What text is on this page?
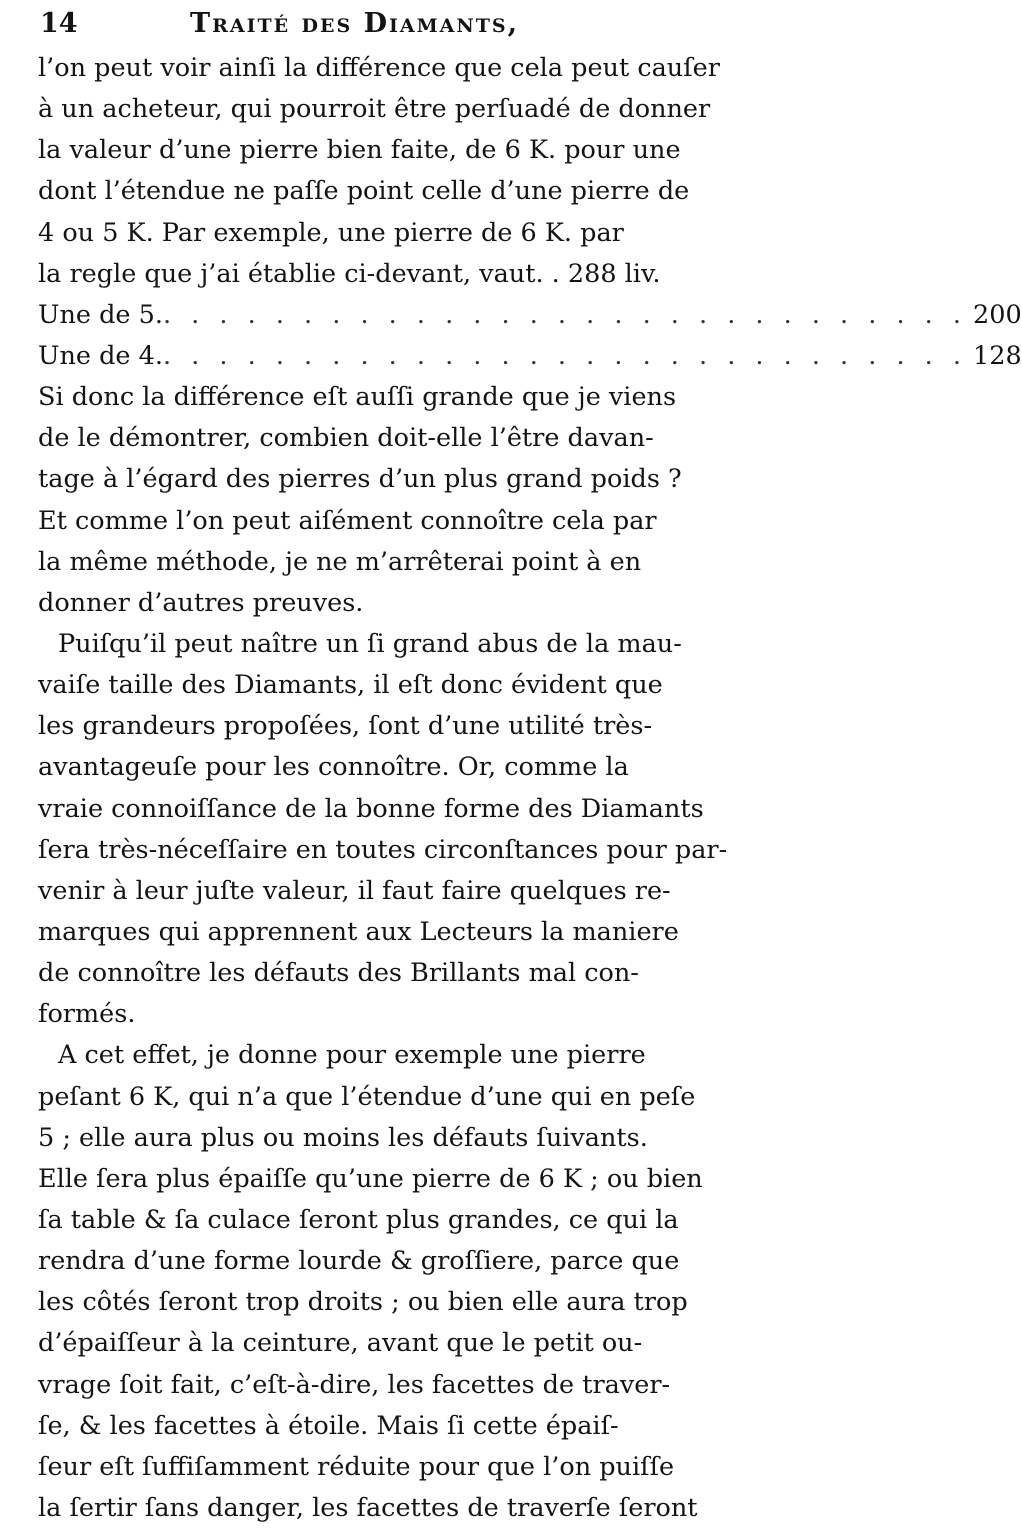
14	Traité des Diamants,
l’on peut voir ainſi la différence que cela peut cauſer
à un acheteur, qui pourroit être perſuadé de donner
la valeur d’une pierre bien faite, de 6 K. pour une
dont l’étendue ne paſſe point celle d’une pierre de
4 ou 5 K. Par exemple, une pierre de 6 K. par
la regle que j’ai établie ci-devant, vaut. . 288 liv.
Une de 5. . . . . . . . . . . . . . . . . . . . . . . . . . . . . . 200
Une de 4. . . . . . . . . . . . . . . . . . . . . . . . . . . . . . 128
Si donc la différence eſt auſſi grande que je viens
de le démontrer, combien doit-elle l’être davan-
tage à l’égard des pierres d’un plus grand poids ?
Et comme l’on peut aiſément connoître cela par
la même méthode, je ne m’arrêterai point à en
donner d’autres preuves.
Puiſqu’il peut naître un ſi grand abus de la mau-
vaiſe taille des Diamants, il eſt donc évident que
les grandeurs propoſées, ſont d’une utilité très-
avantageuſe pour les connoître. Or, comme la
vraie connoiſſance de la bonne forme des Diamants
ſera très-néceſſaire en toutes circonſtances pour par-
venir à leur juſte valeur, il faut faire quelques re-
marques qui apprennent aux Lecteurs la maniere
de connoître les défauts des Brillants mal con-
formés.
A cet effet, je donne pour exemple une pierre
peſant 6 K, qui n’a que l’étendue d’une qui en peſe
5 ; elle aura plus ou moins les défauts ſuivants.
Elle ſera plus épaiſſe qu’une pierre de 6 K ; ou bien
ſa table & ſa culace ſeront plus grandes, ce qui la
rendra d’une forme lourde & groſſiere, parce que
les côtés ſeront trop droits ; ou bien elle aura trop
d’épaiſſeur à la ceinture, avant que le petit ou-
vrage ſoit fait, c’eſt-à-dire, les facettes de traver-
ſe, & les facettes à étoile. Mais ſi cette épaiſ-
ſeur eſt ſuffiſamment réduite pour que l’on puiſſe
la ſertir ſans danger, les facettes de traverſe ſeront
